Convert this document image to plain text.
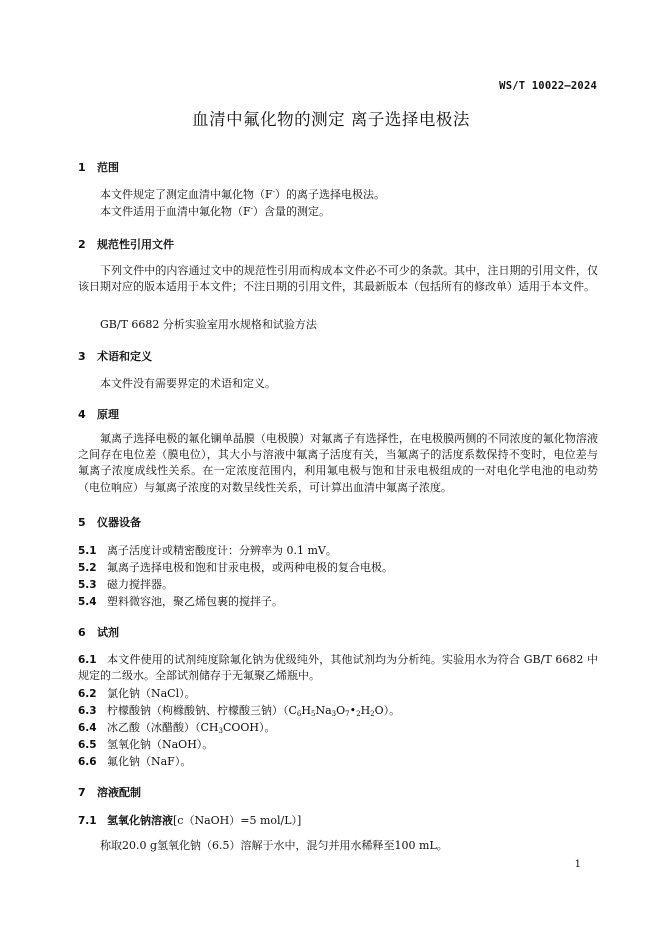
WS/T 10022—2024
血清中氟化物的测定 离子选择电极法
1 范围
本文件规定了测定血清中氟化物（F-）的离子选择电极法。
本文件适用于血清中氟化物（F-）含量的测定。
2 规范性引用文件
下列文件中的内容通过文中的规范性引用而构成本文件必不可少的条款。其中，注日期的引用文件，仅该日期对应的版本适用于本文件；不注日期的引用文件，其最新版本（包括所有的修改单）适用于本文件。
GB/T 6682 分析实验室用水规格和试验方法
3 术语和定义
本文件没有需要界定的术语和定义。
4 原理
氟离子选择电极的氟化镧单晶膜（电极膜）对氟离子有选择性，在电极膜两侧的不同浓度的氟化物溶液之间存在电位差（膜电位），其大小与溶液中氟离子活度有关，当氟离子的活度系数保持不变时，电位差与氟离子浓度成线性关系。在一定浓度范围内，利用氟电极与饱和甘汞电极组成的一对电化学电池的电动势（电位响应）与氟离子浓度的对数呈线性关系，可计算出血清中氟离子浓度。
5 仪器设备
5.1 离子活度计或精密酸度计：分辨率为 0.1 mV。
5.2 氟离子选择电极和饱和甘汞电极，或两种电极的复合电极。
5.3 磁力搅拌器。
5.4 塑料微容池，聚乙烯包裹的搅拌子。
6 试剂
6.1 本文件使用的试剂纯度除氟化钠为优级纯外，其他试剂均为分析纯。实验用水为符合 GB/T 6682 中规定的二级水。全部试剂储存于无氟聚乙烯瓶中。
6.2 氯化钠（NaCl）。
6.3 柠檬酸钠（枸橼酸钠、柠檬酸三钠）$(C_6H_5Na_3O_7•_2H_2O)$。
6.4 冰乙酸（冰醋酸）$(CH_3COOH)$。
6.5 氢氧化钠（NaOH）。
6.6 氟化钠（NaF）。
7 溶液配制
7.1 氢氧化钠溶液[c（NaOH）=5 mol/L）]
称取20.0 g氢氧化钠（6.5）溶解于水中，混匀并用水稀释至100 mL。
1
